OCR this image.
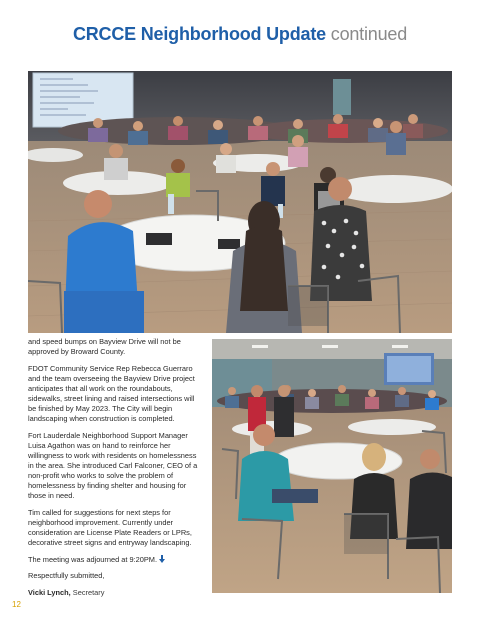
CRCCE Neighborhood Update continued

and speed bumps on Bayview Drive will not be approved by Broward County.

FDOT Community Service Rep Rebecca Guerraro and the team overseeing the Bayview Drive project anticipates that all work on the roundabouts, sidewalks, street lining and raised intersections will be finished by May 2023. The City will begin landscaping when construction is completed.

Fort Lauderdale Neighborhood Support Manager Luisa Agathon was on hand to reinforce her willingness to work with residents on homelessness in the area. She introduced Carl Falconer, CEO of a non-profit who works to solve the problem of homelessness by finding shelter and housing for those in need.

Tim called for suggestions for next steps for neighborhood improvement. Currently under consideration are License Plate Readers or LPRs, decorative street signs and entryway landscaping.

The meeting was adjourned at 9:20PM.

Respectfully submitted,

Vicki Lynch, Secretary

12
